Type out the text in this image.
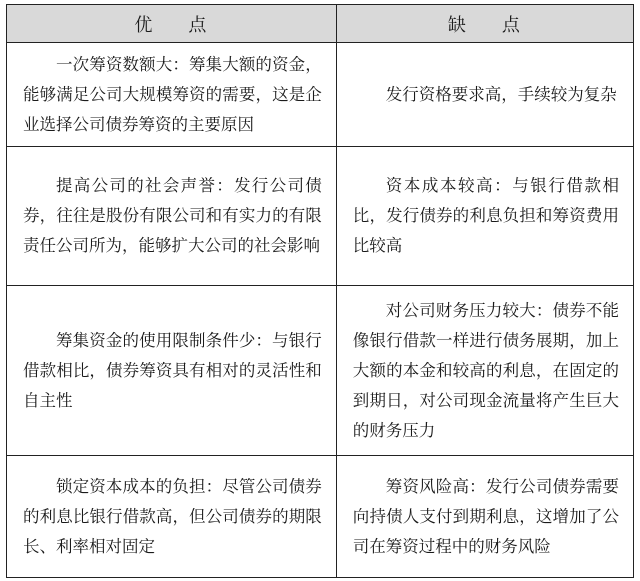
优 点	缺 点

一次筹资数额大：筹集大额的资金，能够满足公司大规模筹资的需要，这是企业选择公司债券筹资的主要原因	发行资格要求高，手续较为复杂

提高公司的社会声誉：发行公司债券，往往是股份有限公司和有实力的有限责任公司所为，能够扩大公司的社会影响	资本成本较高：与银行借款相比，发行债券的利息负担和筹资费用比较高

筹集资金的使用限制条件少：与银行借款相比，债券筹资具有相对的灵活性和自主性	对公司财务压力较大：债券不能像银行借款一样进行债务展期，加上大额的本金和较高的利息，在固定的到期日，对公司现金流量将产生巨大的财务压力

锁定资本成本的负担：尽管公司债券的利息比银行借款高，但公司债券的期限长、利率相对固定	筹资风险高：发行公司债券需要向持债人支付到期利息，这增加了公司在筹资过程中的财务风险
